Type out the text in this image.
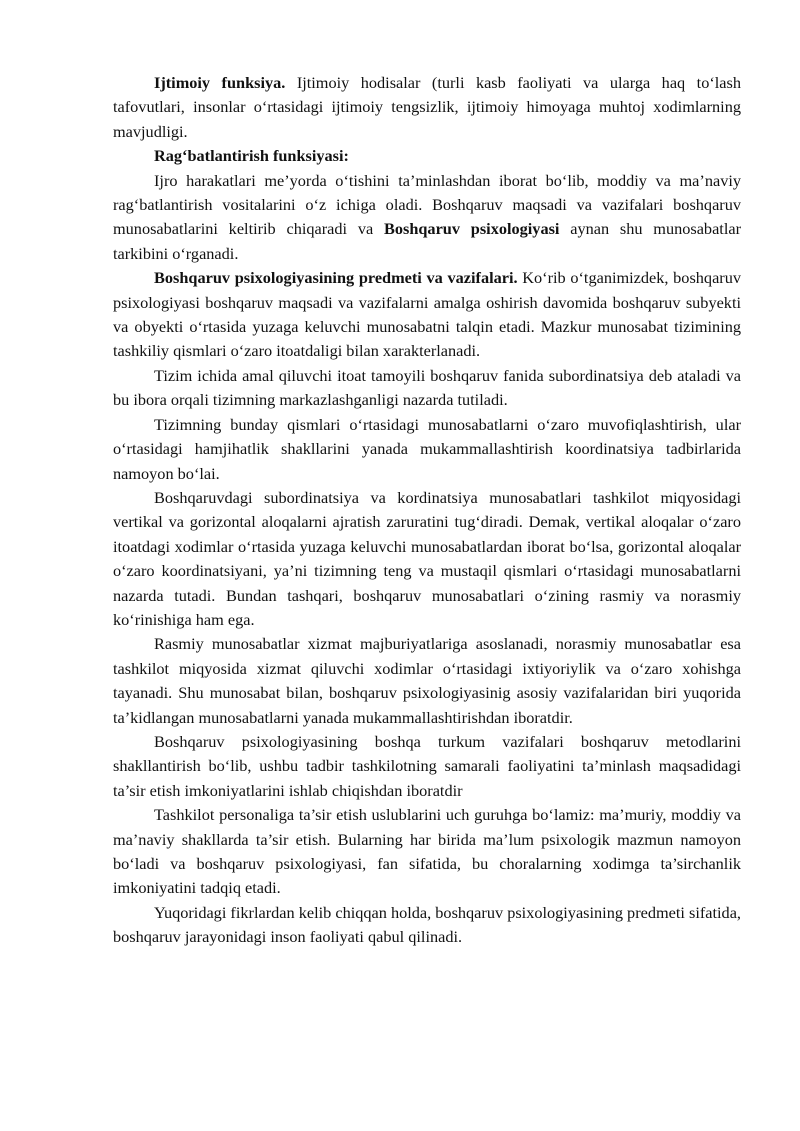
Ijtimoiy funksiya. Ijtimoiy hodisalar (turli kasb faoliyati va ularga haq toʻlash tafovutlari, insonlar oʻrtasidagi ijtimoiy tengsizlik, ijtimoiy himoyaga muhtoj xodimlarning mavjudligi.

Ragʻbatlantirish funksiyasi:

Ijro harakatlari me’yorda oʻtishini ta’minlashdan iborat boʻlib, moddiy va ma’naviy ragʻbatlantirish vositalarini oʻz ichiga oladi. Boshqaruv maqsadi va vazifalari boshqaruv munosabatlarini keltirib chiqaradi va Boshqaruv psixologiyasi aynan shu munosabatlar tarkibini oʻrganadi.

Boshqaruv psixologiyasining predmeti va vazifalari. Koʻrib oʻtganimizdek, boshqaruv psixologiyasi boshqaruv maqsadi va vazifalarni amalga oshirish davomida boshqaruv subyekti va obyekti oʻrtasida yuzaga keluvchi munosabatni talqin etadi. Mazkur munosabat tizimining tashkiliy qismlari oʻzaro itoatdaligi bilan xarakterlanadi.

Tizim ichida amal qiluvchi itoat tamoyili boshqaruv fanida subordinatsiya deb ataladi va bu ibora orqali tizimning markazlashganligi nazarda tutiladi.

Tizimning bunday qismlari oʻrtasidagi munosabatlarni oʻzaro muvofiqlashtirish, ular oʻrtasidagi hamjihatlik shakllarini yanada mukammallashtirish koordinatsiya tadbirlarida namoyon boʻlai.

Boshqaruvdagi subordinatsiya va kordinatsiya munosabatlari tashkilot miqyosidagi vertikal va gorizontal aloqalarni ajratish zaruratini tugʻdiradi. Demak, vertikal aloqalar oʻzaro itoatdagi xodimlar oʻrtasida yuzaga keluvchi munosabatlardan iborat boʻlsa, gorizontal aloqalar oʻzaro koordinatsiyani, ya’ni tizimning teng va mustaqil qismlari oʻrtasidagi munosabatlarni nazarda tutadi. Bundan tashqari, boshqaruv munosabatlari oʻzining rasmiy va norasmiy koʻrinishiga ham ega.

Rasmiy munosabatlar xizmat majburiyatlariga asoslanadi, norasmiy munosabatlar esa tashkilot miqyosida xizmat qiluvchi xodimlar oʻrtasidagi ixtiyoriylik va oʻzaro xohishga tayanadi. Shu munosabat bilan, boshqaruv psixologiyasinig asosiy vazifalaridan biri yuqorida ta’kidlangan munosabatlarni yanada mukammallashtirishdan iboratdir.

Boshqaruv psixologiyasining boshqa turkum vazifalari boshqaruv metodlarini shakllantirish boʻlib, ushbu tadbir tashkilotning samarali faoliyatini ta’minlash maqsadidagi ta’sir etish imkoniyatlarini ishlab chiqishdan iboratdir

Tashkilot personaliga ta’sir etish uslublarini uch guruhga boʻlamiz: ma’muriy, moddiy va ma’naviy shakllarda ta’sir etish. Bularning har birida ma’lum psixologik mazmun namoyon boʻladi va boshqaruv psixologiyasi, fan sifatida, bu choralarning xodimga ta’sirchanlik imkoniyatini tadqiq etadi.

Yuqoridagi fikrlardan kelib chiqqan holda, boshqaruv psixologiyasining predmeti sifatida, boshqaruv jarayonidagi inson faoliyati qabul qilinadi.
